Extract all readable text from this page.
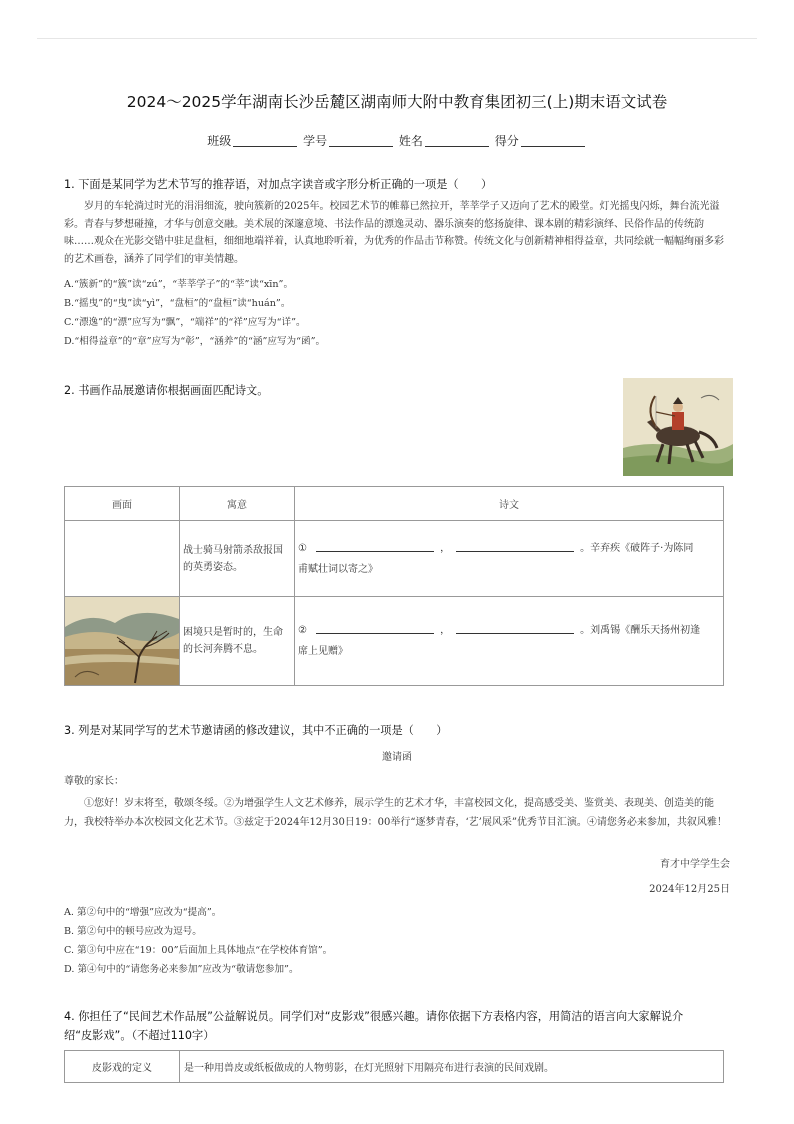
2024～2025学年湖南长沙岳麓区湖南师大附中教育集团初三(上)期末语文试卷
班级	学号	姓名	得分
1. 下面是某同学为艺术节写的推荐语，对加点字读音或字形分析正确的一项是（　　）
岁月的车轮淌过时光的涓涓细流，驶向簇新的2025年。校园艺术节的帷幕已然拉开，莘莘学子又迈向了艺术的殿堂。灯光摇曳闪烁，舞台流光溢彩。青春与梦想碰撞，才华与创意交融。美术展的深邃意境、书法作品的漂逸灵动、器乐演奏的悠扬旋律、课本剧的精彩演绎、民俗作品的传统韵味……观众在光影交错中驻足盘桓，细细地端祥着，认真地聆听着，为优秀的作品击节称赞。传统文化与创新精神相得益章，共同绘就一幅幅绚丽多彩的艺术画卷，涵养了同学们的审美情趣。
A.“簇新”的“簇”读“zú”，“莘莘学子”的“莘”读“xīn”。
B.“摇曳”的“曳”读“yì”，“盘桓”的“盘桓”读“huán”。
C.“漂逸”的“漂”应写为“飘”，“端祥”的“祥”应写为“详”。
D.“相得益章”的“章”应写为“彰”，“涵养”的“涵”应写为“函”。
2. 书画作品展邀请你根据画面匹配诗文。
画面	寓意	诗文
	战士骑马射箭杀敌报国的英勇姿态。	① ， 。辛弃疾《破阵子·为陈同
甫赋壮词以寄之》

	困境只是暂时的，生命的长河奔腾不息。	② ， 。刘禹锡《酬乐天扬州初逢
席上见赠》
3. 列是对某同学写的艺术节邀请函的修改建议，其中不正确的一项是（　　）
邀请函
尊敬的家长：
①您好！岁末将至，敬颂冬绥。②为增强学生人文艺术修养，展示学生的艺术才华，丰富校园文化，提高感受美、鉴赏美、表现美、创造美的能力，我校特举办本次校园文化艺术节。③兹定于2024年12月30日19：00举行“逐梦青春，‘艺’展风采”优秀节目汇演。④请您务必来参加，共叙风雅！
育才中学学生会
2024年12月25日
A. 第②句中的“增强”应改为“提高”。
B. 第②句中的顿号应改为逗号。
C. 第③句中应在“19：00”后面加上具体地点“在学校体育馆”。
D. 第④句中的“请您务必来参加”应改为“敬请您参加”。
4. 你担任了“民间艺术作品展”公益解说员。同学们对“皮影戏”很感兴趣。请你依据下方表格内容，用简洁的语言向大家解说介
绍“皮影戏”。（不超过110字）
皮影戏的定义	是一种用兽皮或纸板做成的人物剪影，在灯光照射下用隔亮布进行表演的民间戏剧。
